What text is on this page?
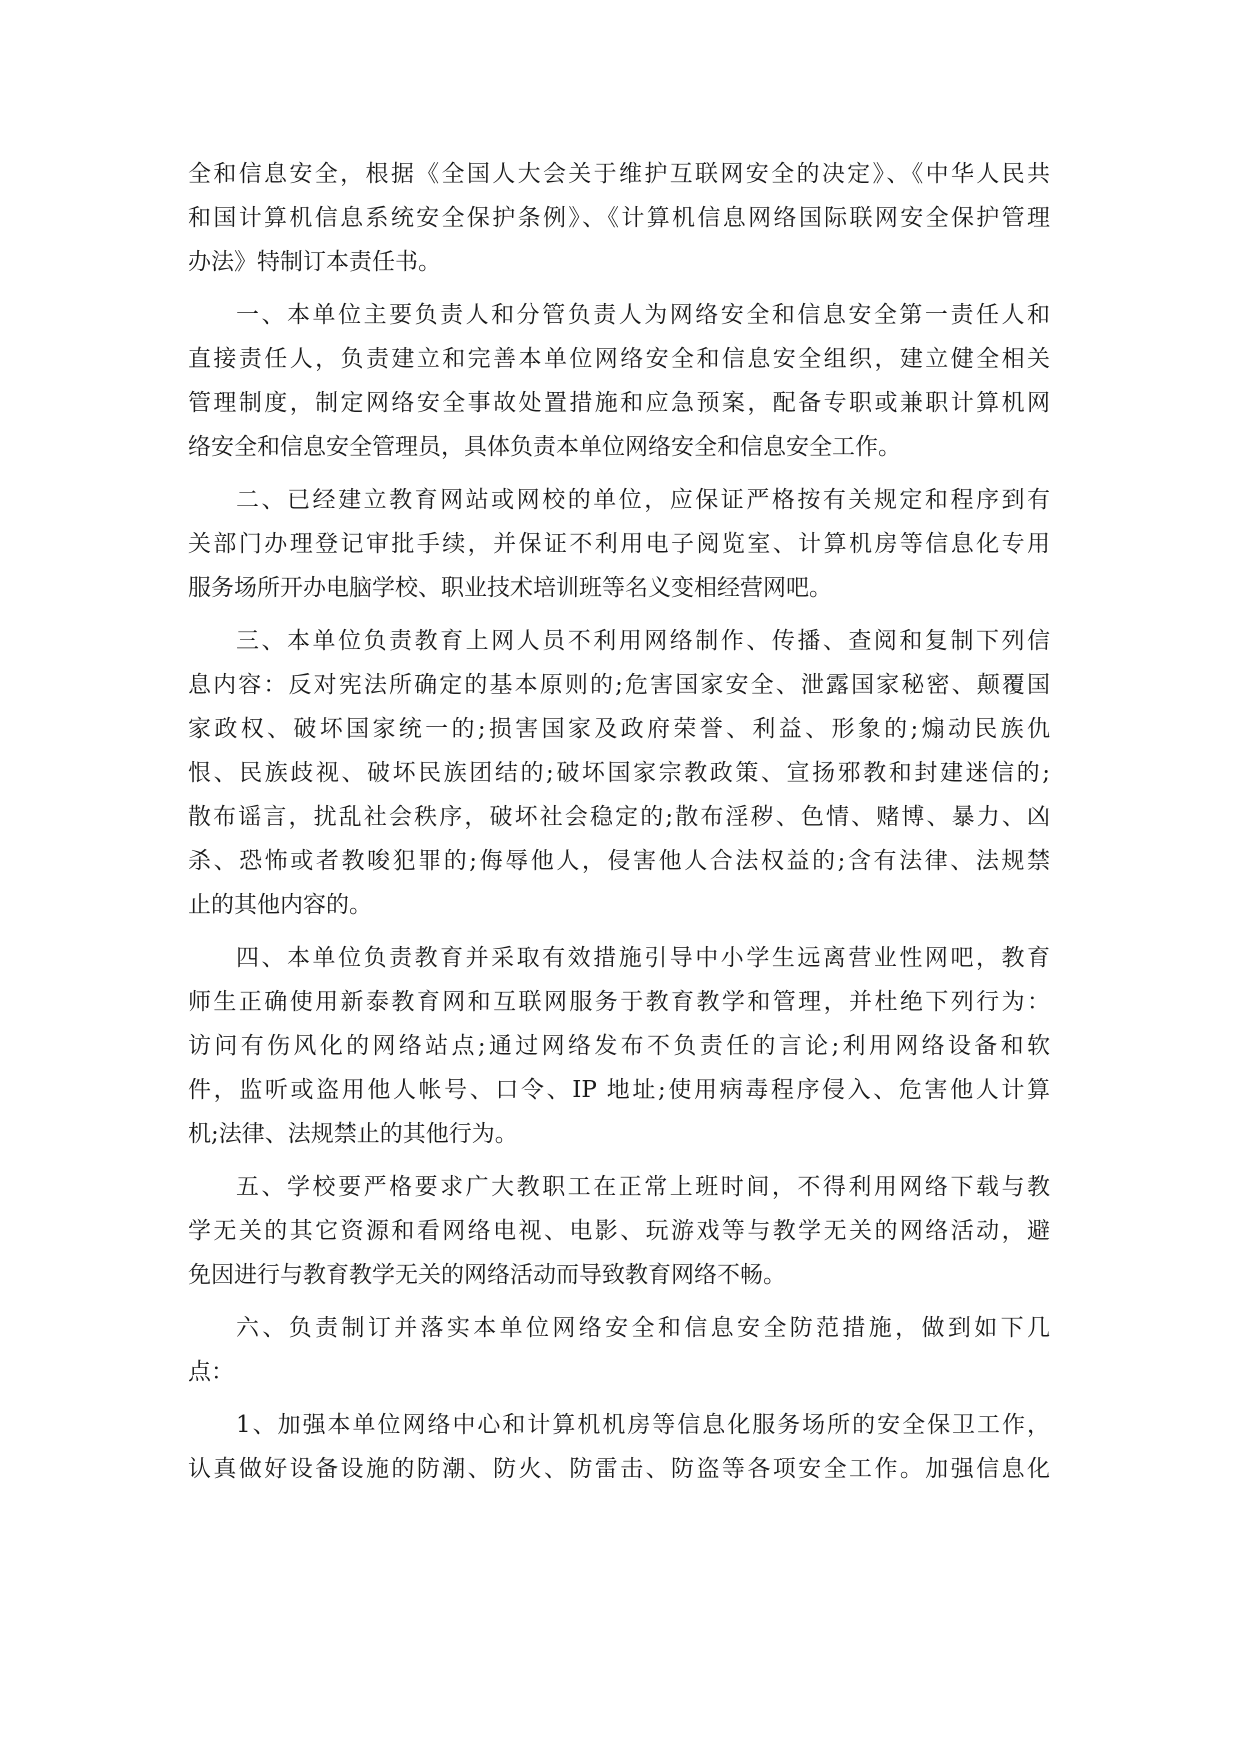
全和信息安全，根据《全国人大会关于维护互联网安全的决定》、《中华人民共
和国计算机信息系统安全保护条例》、《计算机信息网络国际联网安全保护管理
办法》特制订本责任书。
一、本单位主要负责人和分管负责人为网络安全和信息安全第一责任人和
直接责任人，负责建立和完善本单位网络安全和信息安全组织，建立健全相关
管理制度，制定网络安全事故处置措施和应急预案，配备专职或兼职计算机网
络安全和信息安全管理员，具体负责本单位网络安全和信息安全工作。
二、已经建立教育网站或网校的单位，应保证严格按有关规定和程序到有
关部门办理登记审批手续，并保证不利用电子阅览室、计算机房等信息化专用
服务场所开办电脑学校、职业技术培训班等名义变相经营网吧。
三、本单位负责教育上网人员不利用网络制作、传播、查阅和复制下列信
息内容：反对宪法所确定的基本原则的;危害国家安全、泄露国家秘密、颠覆国
家政权、破坏国家统一的;损害国家及政府荣誉、利益、形象的;煽动民族仇
恨、民族歧视、破坏民族团结的;破坏国家宗教政策、宣扬邪教和封建迷信的;
散布谣言，扰乱社会秩序，破坏社会稳定的;散布淫秽、色情、赌博、暴力、凶
杀、恐怖或者教唆犯罪的;侮辱他人，侵害他人合法权益的;含有法律、法规禁
止的其他内容的。
四、本单位负责教育并采取有效措施引导中小学生远离营业性网吧，教育
师生正确使用新泰教育网和互联网服务于教育教学和管理，并杜绝下列行为：
访问有伤风化的网络站点;通过网络发布不负责任的言论;利用网络设备和软
件，监听或盗用他人帐号、口令、IP 地址;使用病毒程序侵入、危害他人计算
机;法律、法规禁止的其他行为。
五、学校要严格要求广大教职工在正常上班时间，不得利用网络下载与教
学无关的其它资源和看网络电视、电影、玩游戏等与教学无关的网络活动，避
免因进行与教育教学无关的网络活动而导致教育网络不畅。
六、负责制订并落实本单位网络安全和信息安全防范措施，做到如下几
点：
1、加强本单位网络中心和计算机机房等信息化服务场所的安全保卫工作，
认真做好设备设施的防潮、防火、防雷击、防盗等各项安全工作。加强信息化
